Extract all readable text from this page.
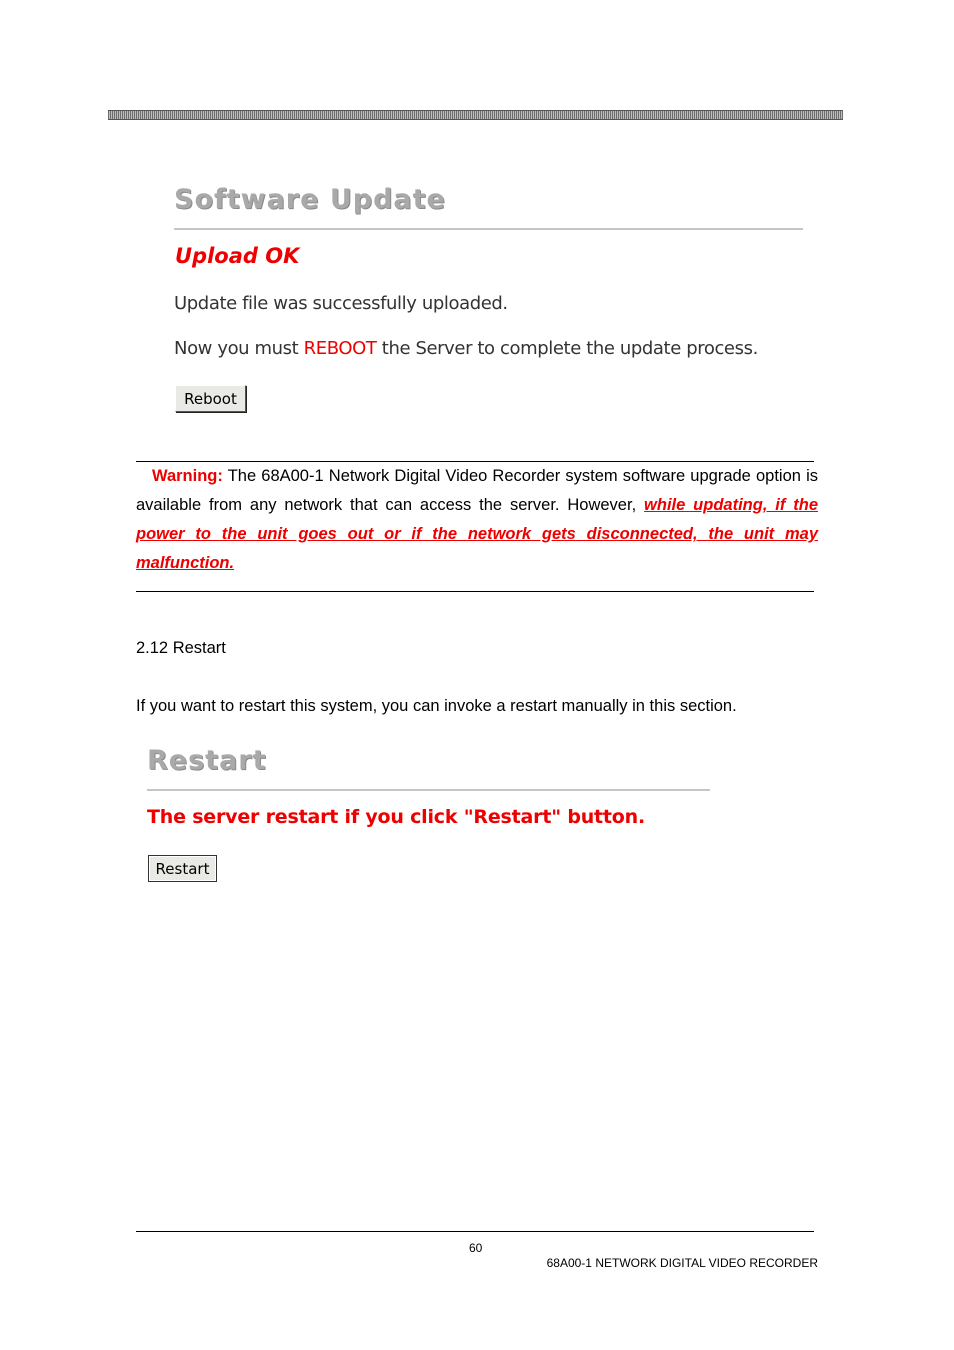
Software Update
Upload OK
Update file was successfully uploaded.
Now you must REBOOT the Server to complete the update process.
Reboot
Warning: The 68A00-1 Network Digital Video Recorder system software upgrade option is available from any network that can access the server. However, while updating, if the power to the unit goes out or if the network gets disconnected, the unit may malfunction.
2.12 Restart
If you want to restart this system, you can invoke a restart manually in this section.
Restart
The server restart if you click "Restart" button.
Restart
60
68A00-1 NETWORK DIGITAL VIDEO RECORDER
